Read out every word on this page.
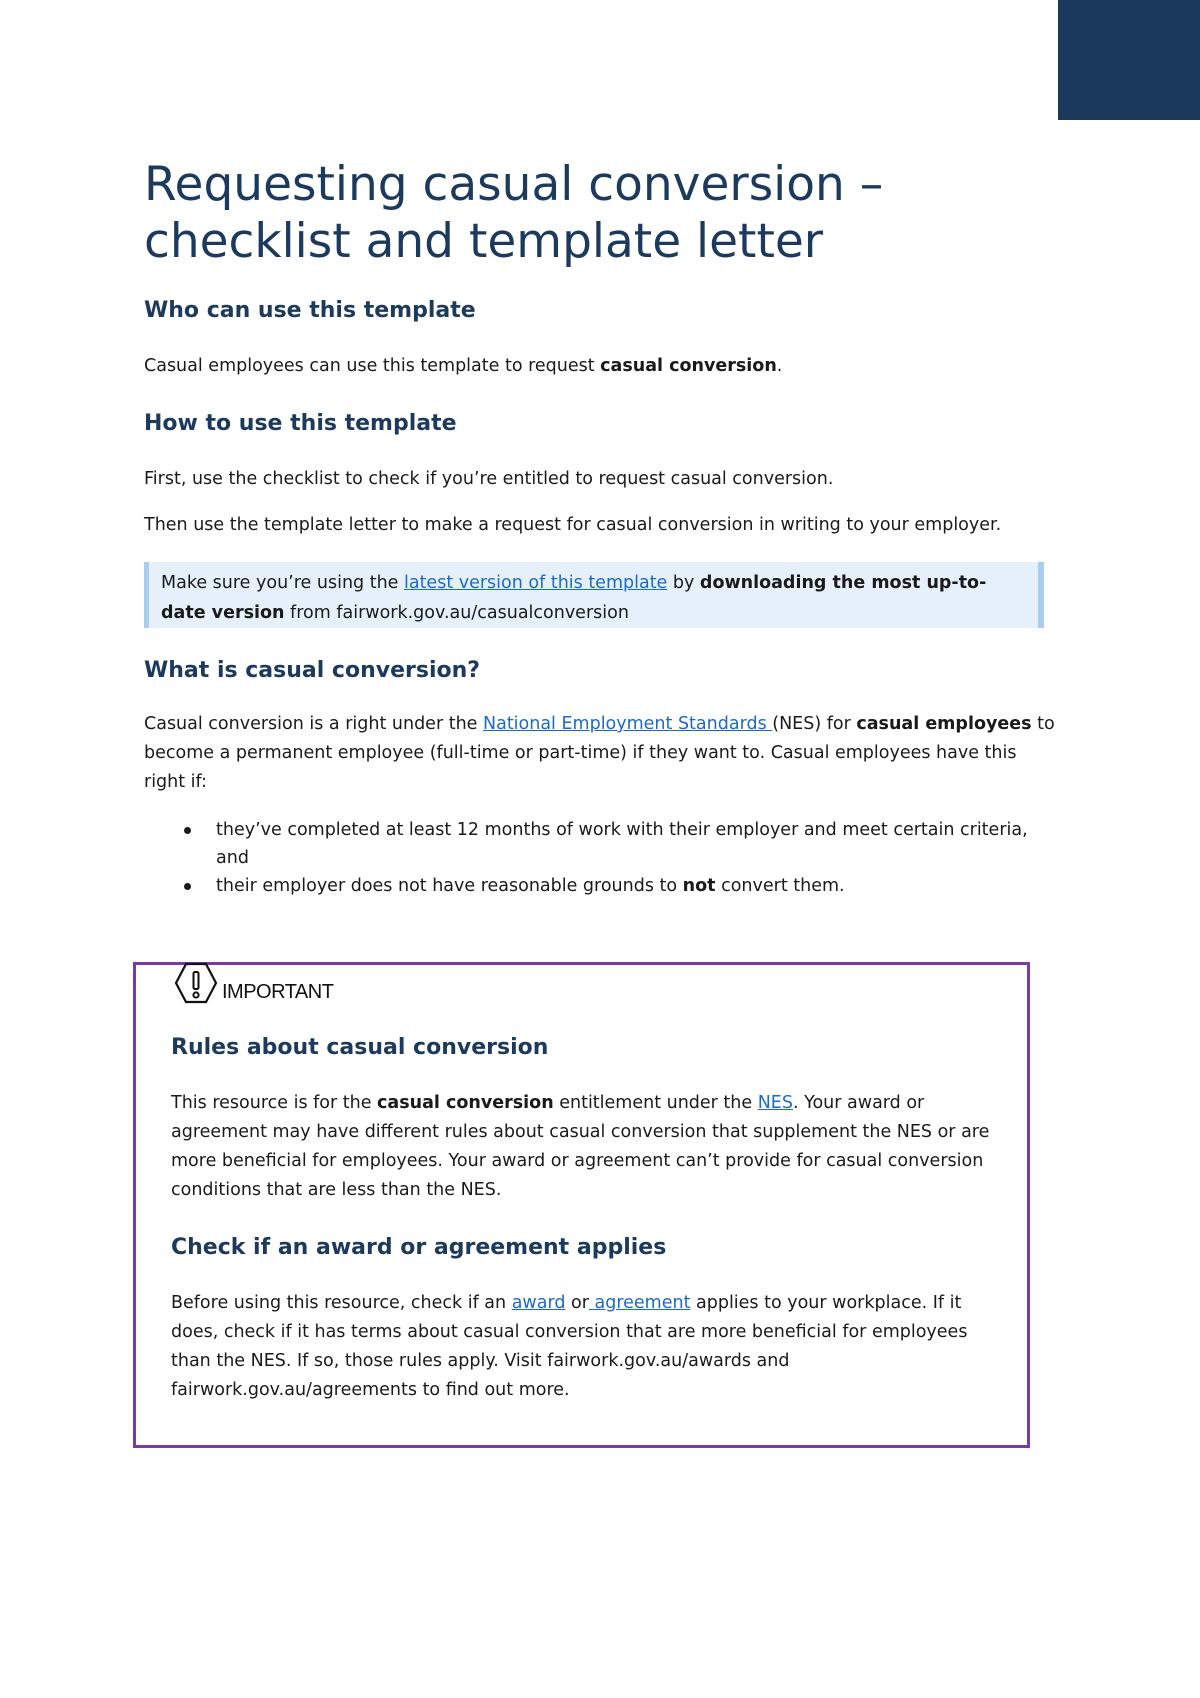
Requesting casual conversion – checklist and template letter
Who can use this template

Casual employees can use this template to request casual conversion.

How to use this template

First, use the checklist to check if you’re entitled to request casual conversion.

Then use the template letter to make a request for casual conversion in writing to your employer.

Make sure you’re using the latest version of this template by downloading the most up-to-date version from fairwork.gov.au/casualconversion
What is casual conversion?

Casual conversion is a right under the National Employment Standards (NES) for casual employees to become a permanent employee (full-time or part-time) if they want to. Casual employees have this right if:

they’ve completed at least 12 months of work with their employer and meet certain criteria, and
their employer does not have reasonable grounds to not convert them.
IMPORTANT
Rules about casual conversion

This resource is for the casual conversion entitlement under the NES. Your award or agreement may have different rules about casual conversion that supplement the NES or are more beneficial for employees. Your award or agreement can’t provide for casual conversion conditions that are less than the NES.

Check if an award or agreement applies

Before using this resource, check if an award or agreement applies to your workplace. If it does, check if it has terms about casual conversion that are more beneficial for employees than the NES. If so, those rules apply. Visit fairwork.gov.au/awards and fairwork.gov.au/agreements to find out more.
